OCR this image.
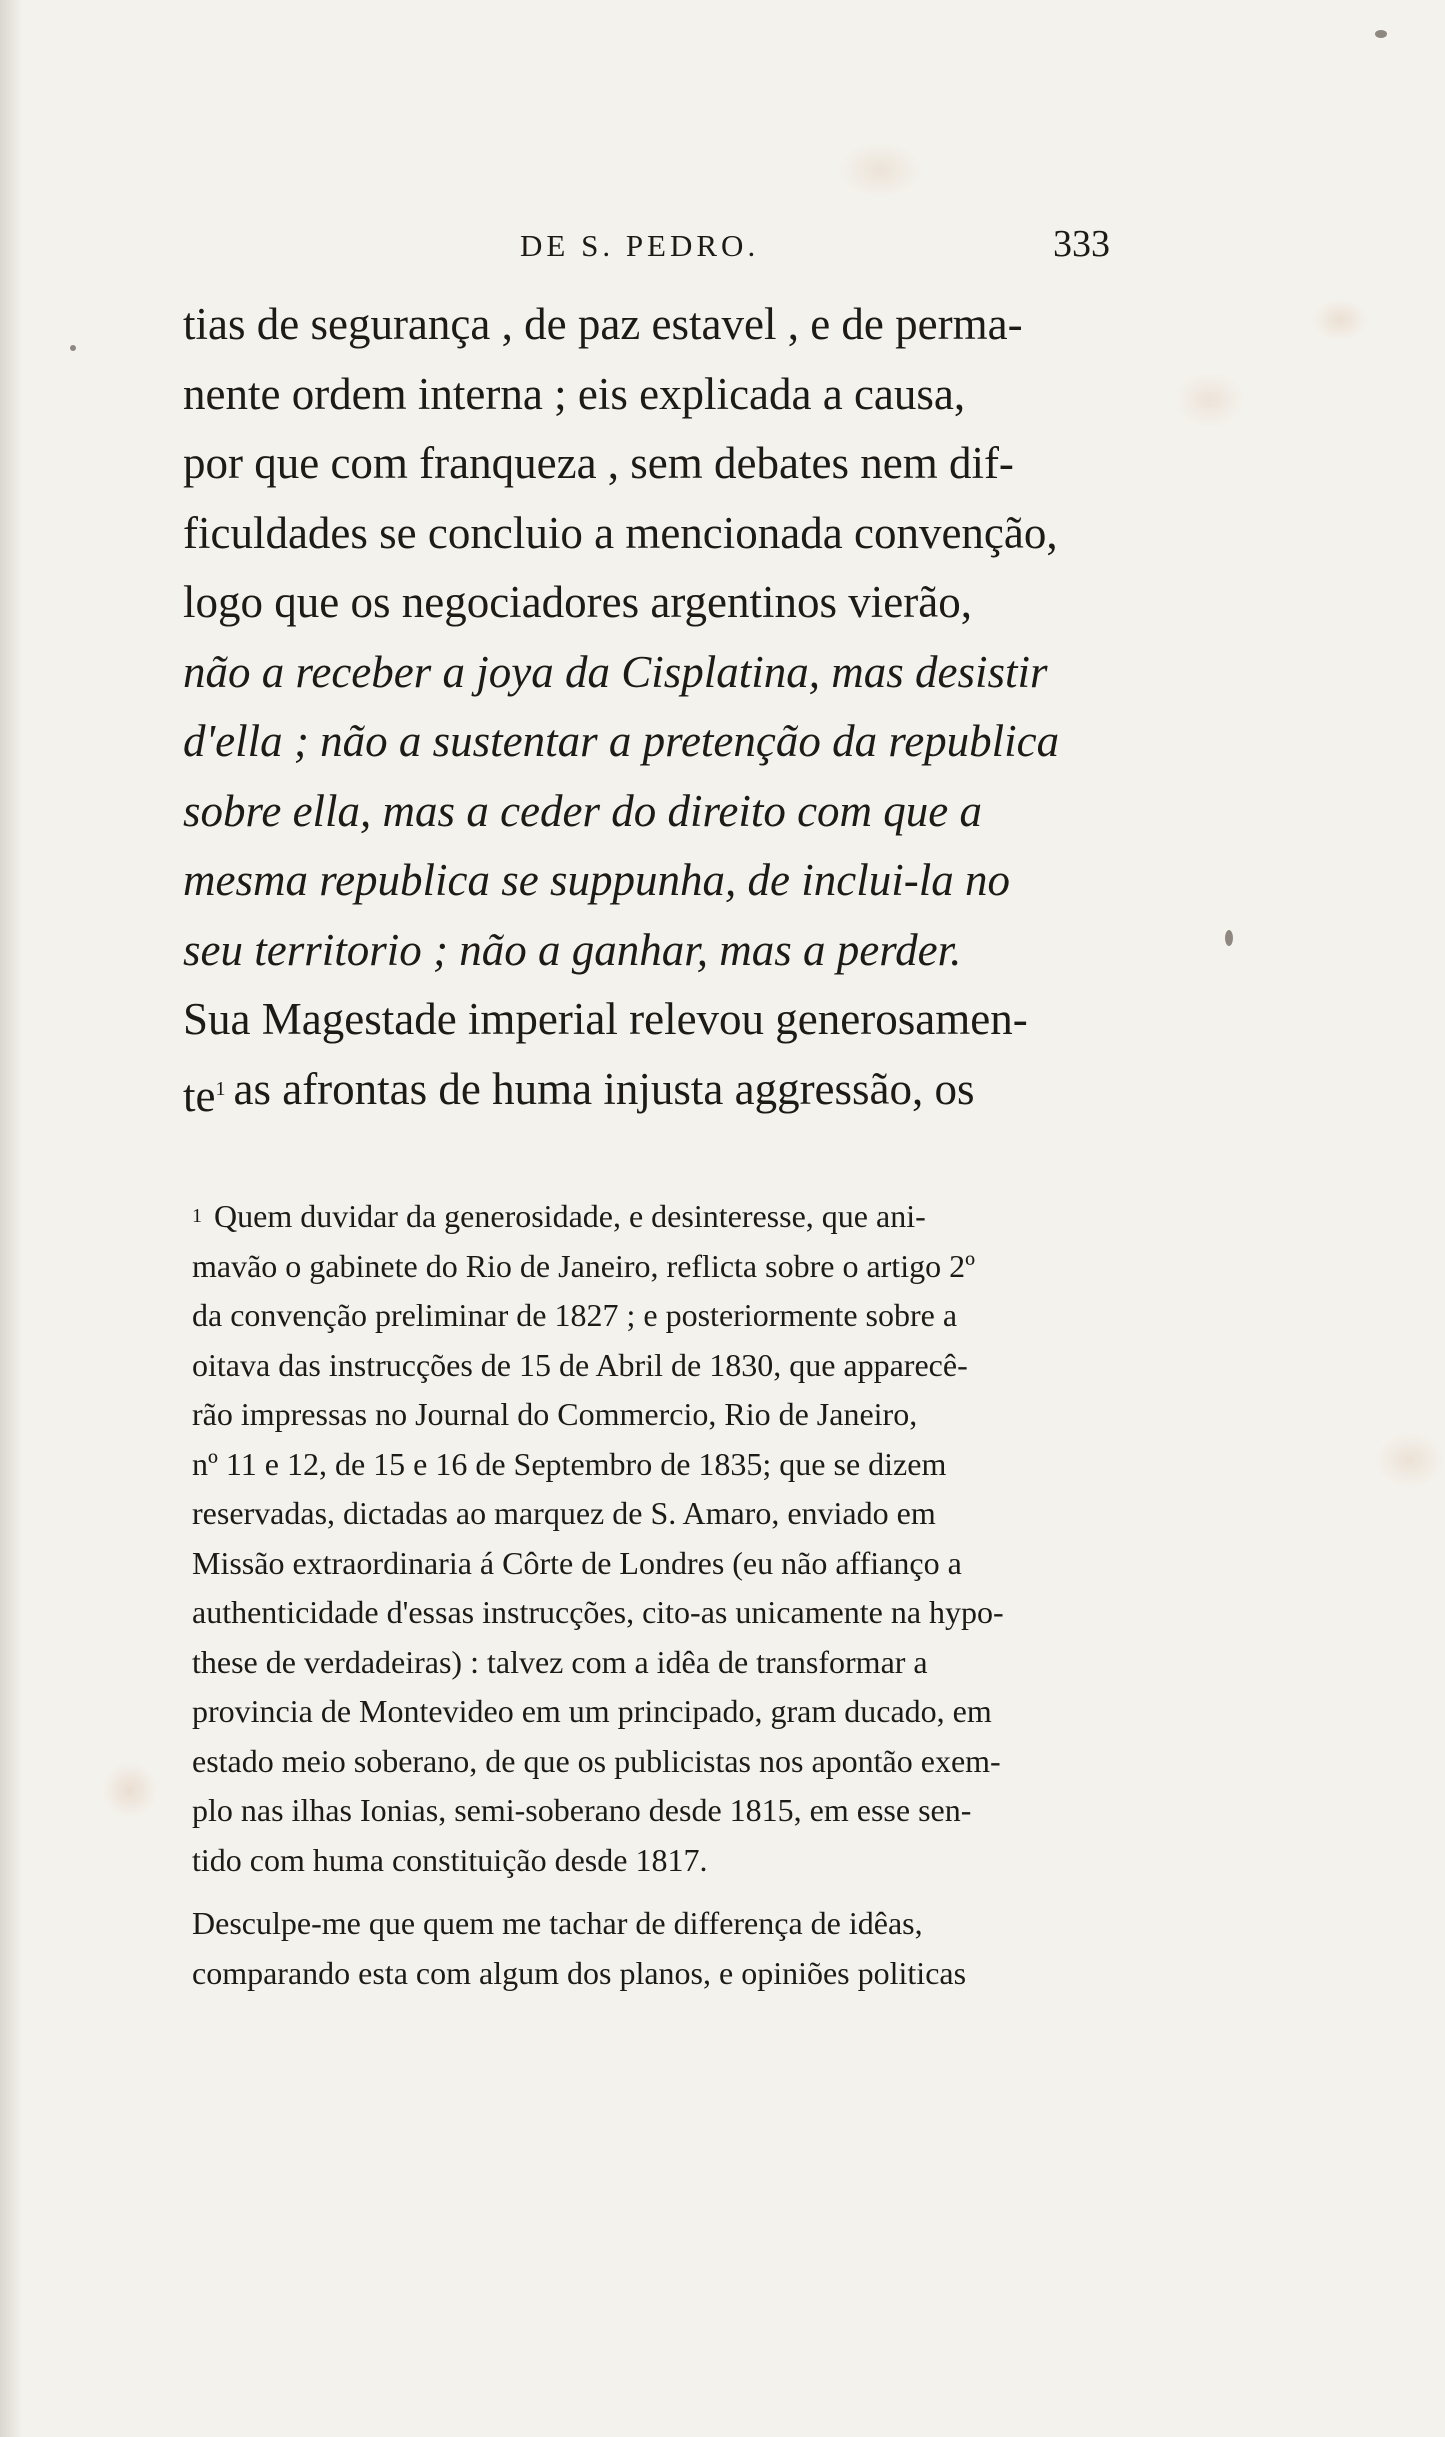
DE S. PEDRO.	333
tias de segurança , de paz estavel , e de perma-
nente ordem interna ; eis explicada a causa,
por que com franqueza , sem debates nem dif-
ficuldades se concluio a mencionada convenção,
logo que os negociadores argentinos vierão,
não a receber a joya da Cisplatina, mas desistir
d'ella ; não a sustentar a pretenção da republica
sobre ella, mas a ceder do direito com que a
mesma republica se suppunha, de inclui-la no
seu territorio ; não a ganhar, mas a perder.
Sua Magestade imperial relevou generosamen-
$te^1$ as afrontas de huma injusta aggressão, os
1 Quem duvidar da generosidade, e desinteresse, que ani-
mavão o gabinete do Rio de Janeiro, reflicta sobre o artigo 2º
da convenção preliminar de 1827 ; e posteriormente sobre a
oitava das instrucções de 15 de Abril de 1830, que apparecê-
rão impressas no Journal do Commercio, Rio de Janeiro,
nº 11 e 12, de 15 e 16 de Septembro de 1835; que se dizem
reservadas, dictadas ao marquez de S. Amaro, enviado em
Missão extraordinaria á Côrte de Londres (eu não affianço a
authenticidade d'essas instrucções, cito-as unicamente na hypo-
these de verdadeiras) : talvez com a idêa de transformar a
provincia de Montevideo em um principado, gram ducado, em
estado meio soberano, de que os publicistas nos apontão exem-
plo nas ilhas Ionias, semi-soberano desde 1815, em esse sen-
tido com huma constituição desde 1817.
Desculpe-me que quem me tachar de differença de idêas,
comparando esta com algum dos planos, e opiniões politicas
